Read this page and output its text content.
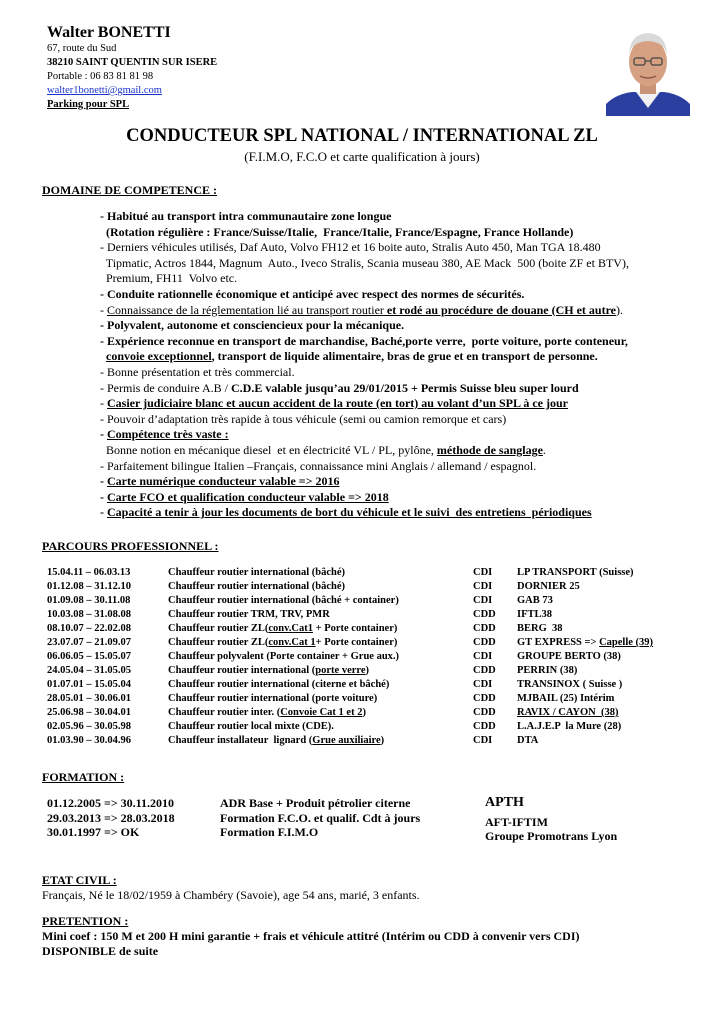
Walter BONETTI
67, route du Sud
38210 SAINT QUENTIN SUR ISERE
Portable : 06 83 81 81 98
walter1bonetti@gmail.com
Parking pour SPL
CONDUCTEUR SPL NATIONAL / INTERNATIONAL ZL
(F.I.M.O, F.C.O et carte qualification à jours)
DOMAINE DE COMPETENCE :
- Habitué au transport intra communautaire zone longue
(Rotation régulière : France/Suisse/Italie,  France/Italie, France/Espagne, France Hollande)
- Derniers véhicules utilisés, Daf Auto, Volvo FH12 et 16 boite auto, Stralis Auto 450, Man TGA 18.480
Tipmatic, Actros 1844, Magnum  Auto., Iveco Stralis, Scania museau 380, AE Mack  500 (boite ZF et BTV),
Premium, FH11  Volvo etc.
- Conduite rationnelle économique et anticipé avec respect des normes de sécurités.
- Connaissance de la réglementation lié au transport routier et rodé au procédure de douane (CH et autre).
- Polyvalent, autonome et consciencieux pour la mécanique.
- Expérience reconnue en transport de marchandise, Baché,porte verre,  porte voiture, porte conteneur,
convoie exceptionnel, transport de liquide alimentaire, bras de grue et en transport de personne.
- Bonne présentation et très commercial.
- Permis de conduire A.B / C.D.E valable jusqu’au 29/01/2015 + Permis Suisse bleu super lourd
- Casier judiciaire blanc et aucun accident de la route (en tort) au volant d’un SPL à ce jour
- Pouvoir d’adaptation très rapide à tous véhicule (semi ou camion remorque et cars)
- Compétence très vaste :
Bonne notion en mécanique diesel  et en électricité VL / PL, pylône, méthode de sanglage.
- Parfaitement bilingue Italien –Français, connaissance mini Anglais / allemand / espagnol.
- Carte numérique conducteur valable => 2016
- Carte FCO et qualification conducteur valable => 2018
- Capacité a tenir à jour les documents de bort du véhicule et le suivi  des entretiens  périodiques
PARCOURS PROFESSIONNEL :
15.04.11 – 06.03.13	Chauffeur routier international (bâché)	CDI LP TRANSPORT (Suisse)
01.12.08 – 31.12.10	Chauffeur routier international (bâché)	CDI DORNIER 25
01.09.08 – 30.11.08	Chauffeur routier international (bâché + container)	CDI GAB 73
10.03.08 – 31.08.08	Chauffeur routier TRM, TRV, PMR	CDD IFTL38
08.10.07 – 22.02.08	Chauffeur routier ZL(conv.Cat1 + Porte container)	CDD BERG  38
23.07.07 – 21.09.07	Chauffeur routier ZL(conv.Cat 1+ Porte container)	CDD GT EXPRESS => Capelle (39)
06.06.05 – 15.05.07	Chauffeur polyvalent (Porte container + Grue aux.)	CDI GROUPE BERTO (38)
24.05.04 – 31.05.05	Chauffeur routier international (porte verre)	CDD PERRIN (38)
01.07.01 – 15.05.04	Chauffeur routier international (citerne et bâché)	CDI TRANSINOX ( Suisse )
28.05.01 – 30.06.01	Chauffeur routier international (porte voiture)	CDD MJBAIL (25) Intérim
25.06.98 – 30.04.01	Chauffeur routier inter. (Convoie Cat 1 et 2)	CDD RAVIX / CAYON  (38)
02.05.96 – 30.05.98	Chauffeur routier local mixte (CDE).	CDD L.A.J.E.P  la Mure (28)
01.03.90 – 30.04.96	Chauffeur installateur  lignard (Grue auxiliaire)	CDI DTA
FORMATION :
01.12.2005 => 30.11.2010	ADR Base + Produit pétrolier citerne	APTH
29.03.2013 => 28.03.2018	Formation F.C.O. et qualif. Cdt à jours	AFT-IFTIM
30.01.1997 => OK	Formation F.I.M.O	Groupe Promotrans Lyon
ETAT CIVIL :
Français, Né le 18/02/1959 à Chambéry (Savoie), age 54 ans, marié, 3 enfants.
PRETENTION :
Mini coef : 150 M et 200 H mini garantie + frais et véhicule attitré (Intérim ou CDD à convenir vers CDI)
DISPONIBLE de suite
